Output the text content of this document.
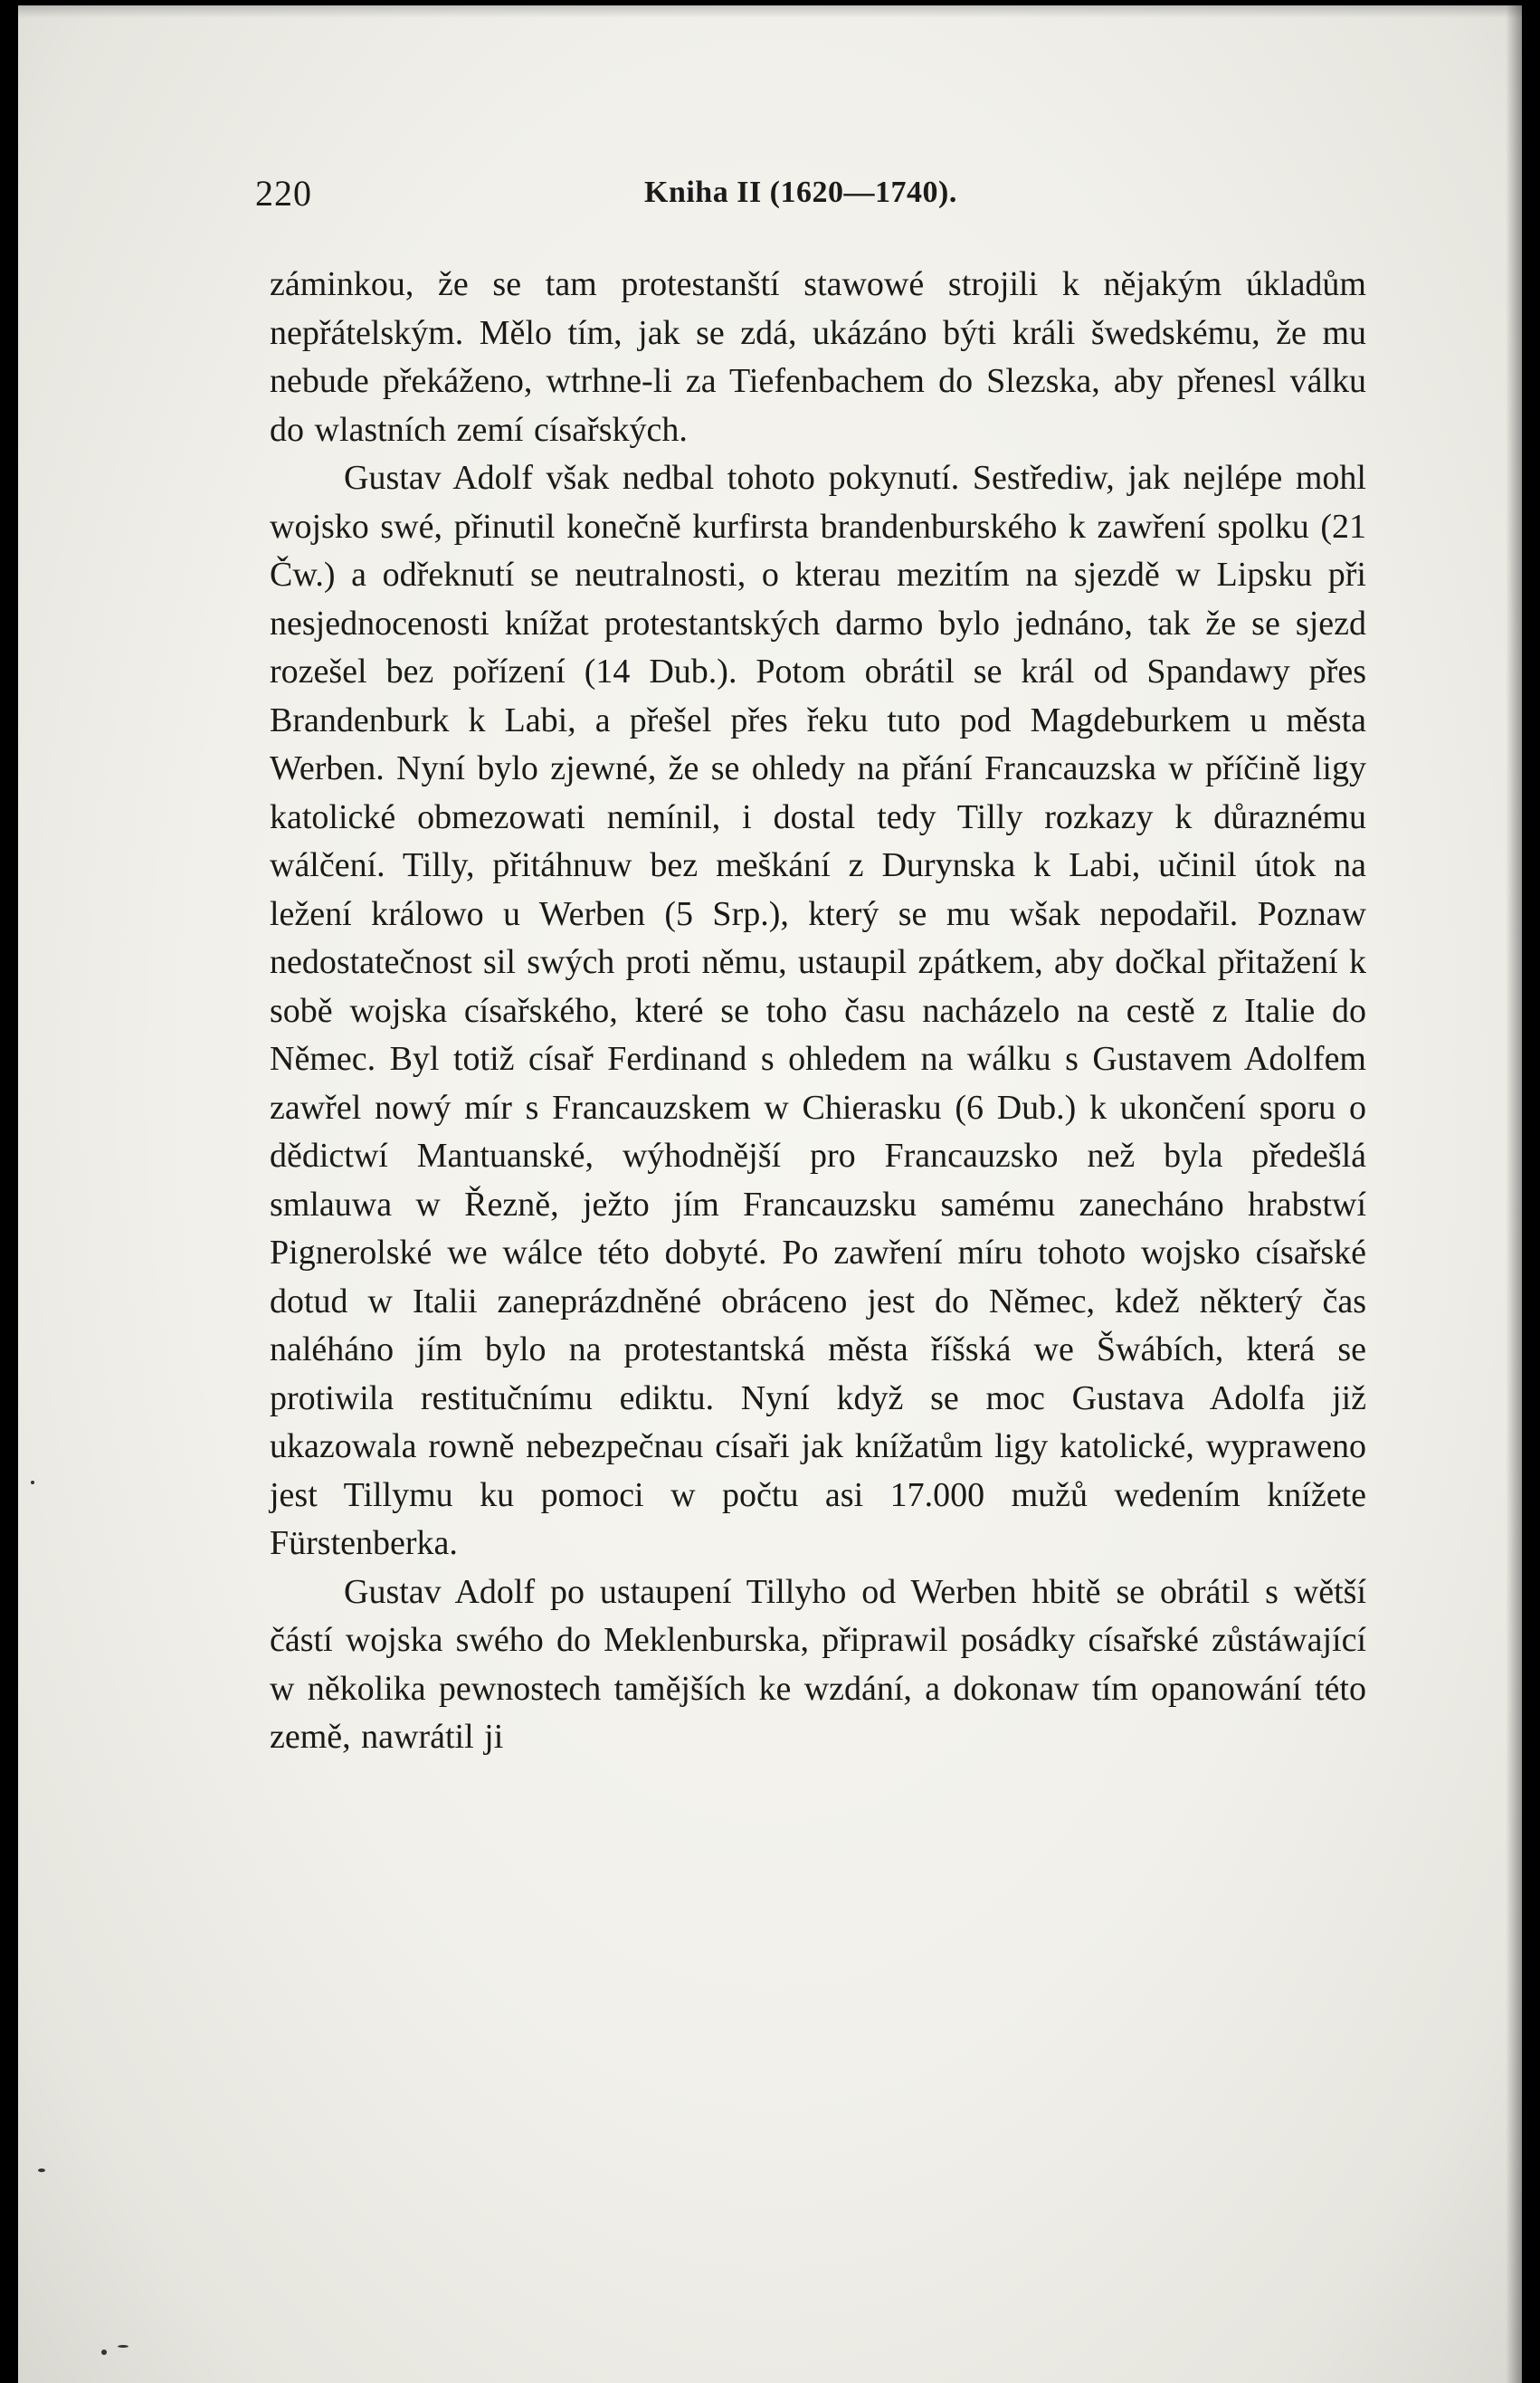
220	Kniha II (1620—1740).

záminkou, že se tam protestanští stawowé strojili k nějakým úkladům nepřátelským. Mělo tím, jak se zdá, ukázáno býti králi šwedskému, že mu nebude překáženo, wtrhne-li za Tiefenbachem do Slezska, aby přenesl válku do wlastních zemí císařských.

Gustav Adolf však nedbal tohoto pokynutí. Sestřediw, jak nejlépe mohl wojsko swé, přinutil konečně kurfirsta brandenburského k zawření spolku (21 Čw.) a odřeknutí se neutralnosti, o kterau mezitím na sjezdě w Lipsku při nesjednocenosti knížat protestantských darmo bylo jednáno, tak že se sjezd rozešel bez pořízení (14 Dub.). Potom obrátil se král od Spandawy přes Brandenburk k Labi, a přešel přes řeku tuto pod Magdeburkem u města Werben. Nyní bylo zjewné, že se ohledy na přání Francauzska w příčině ligy katolické obmezowati nemínil, i dostal tedy Tilly rozkazy k důraznému wálčení. Tilly, přitáhnuw bez meškání z Durynska k Labi, učinil útok na ležení králowo u Werben (5 Srp.), který se mu wšak nepodařil. Poznaw nedostatečnost sil swých proti němu, ustaupil zpátkem, aby dočkal přitažení k sobě wojska císařského, které se toho času nacházelo na cestě z Italie do Němec. Byl totiž císař Ferdinand s ohledem na wálku s Gustavem Adolfem zawřel nowý mír s Francauzskem w Chierasku (6 Dub.) k ukončení sporu o dědictwí Mantuanské, wýhodnější pro Francauzsko než byla předešlá smlauwa w Řezně, ježto jím Francauzsku samému zanecháno hrabstwí Pignerolské we wálce této dobyté. Po zawření míru tohoto wojsko císařské dotud w Italii zaneprázdněné obráceno jest do Němec, kdež některý čas naléháno jím bylo na protestantská města říšská we Šwábích, která se protiwila restitučnímu ediktu. Nyní když se moc Gustava Adolfa již ukazowala rowně nebezpečnau císaři jak knížatům ligy katolické, wypraweno jest Tillymu ku pomoci w počtu asi 17.000 mužů wedením knížete Fürstenberka.

Gustav Adolf po ustaupení Tillyho od Werben hbitě se obrátil s wětší částí wojska swého do Meklenburska, připrawil posádky císařské zůstáwající w několika pewnostech tamějších ke wzdání, a dokonaw tím opanowání této země, nawrátil ji
